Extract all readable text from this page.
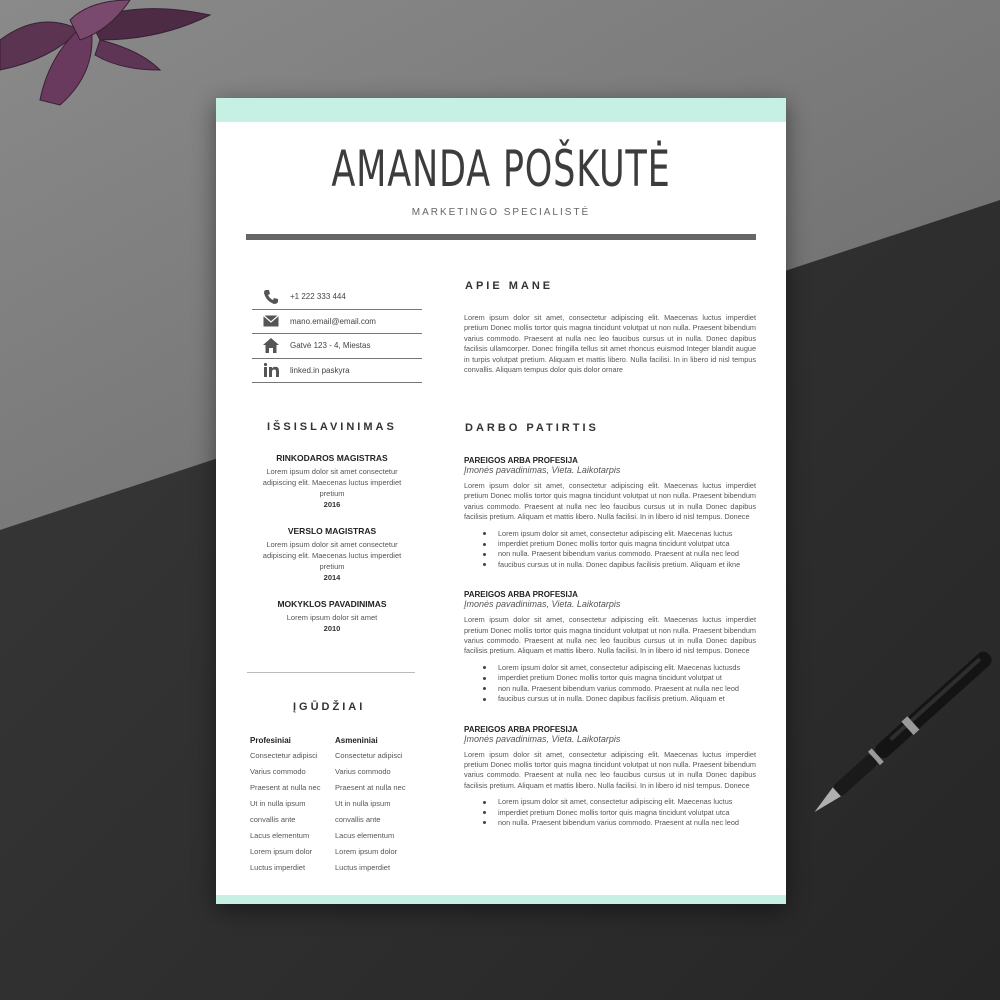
AMANDA POŠKUTĖ
MARKETINGO SPECIALISTĖ
+1 222 333 444
mano.email@email.com
Gatvė 123 - 4, Miestas
linked.in paskyra
IŠSISLAVINIMAS
RINKODAROS MAGISTRAS
Lorem ipsum dolor sit amet consectetur adipiscing elit. Maecenas luctus imperdiet pretium
2016
VERSLO MAGISTRAS
Lorem ipsum dolor sit amet consectetur adipiscing elit. Maecenas luctus imperdiet pretium
2014
MOKYKLOS PAVADINIMAS
Lorem ipsum dolor sit amet
2010
ĮGŪDŽIAI
Profesiniai
Consectetur adipisci
Varius commodo
Praesent at nulla nec
Ut in nulla ipsum
convallis ante
Lacus elementum
Lorem ipsum dolor
Luctus imperdiet
Asmeniniai
Consectetur adipisci
Varius commodo
Praesent at nulla nec
Ut in nulla ipsum
convallis ante
Lacus elementum
Lorem ipsum dolor
Luctus imperdiet
APIE MANE
Lorem ipsum dolor sit amet, consectetur adipiscing elit. Maecenas luctus imperdiet pretium Donec mollis tortor quis magna tincidunt volutpat ut non nulla. Praesent bibendum varius commodo. Praesent at nulla nec leo faucibus cursus ut in nulla. Donec dapibus facilisis ullamcorper. Donec fringilla tellus sit amet rhoncus euismod Integer blandit augue in turpis volutpat pretium. Aliquam et mattis libero. Nulla facilisi. In in libero id nisl tempus convallis. Aliquam tempus dolor quis dolor ornare
DARBO PATIRTIS
PAREIGOS ARBA PROFESIJA
Įmonės pavadinimas, Vieta. Laikotarpis
Lorem ipsum dolor sit amet, consectetur adipiscing elit. Maecenas luctus imperdiet pretium Donec mollis tortor quis magna tincidunt volutpat ut non nulla. Praesent bibendum varius commodo. Praesent at nulla nec leo faucibus cursus ut in nulla Donec dapibus facilisis pretium. Aliquam et mattis libero. Nulla facilisi. In in libero id nisl tempus. Donece
Lorem ipsum dolor sit amet, consectetur adipiscing elit. Maecenas luctus
imperdiet pretium Donec mollis tortor quis magna tincidunt volutpat utca
non nulla. Praesent bibendum varius commodo. Praesent at nulla nec leod
faucibus cursus ut in nulla. Donec dapibus facilisis pretium. Aliquam et ikne
PAREIGOS ARBA PROFESIJA
Įmonės pavadinimas, Vieta. Laikotarpis
Lorem ipsum dolor sit amet, consectetur adipiscing elit. Maecenas luctus imperdiet pretium Donec mollis tortor quis magna tincidunt volutpat ut non nulla. Praesent bibendum varius commodo. Praesent at nulla nec leo faucibus cursus ut in nulla Donec dapibus facilisis pretium. Aliquam et mattis libero. Nulla facilisi. In in libero id nisl tempus. Donece
Lorem ipsum dolor sit amet, consectetur adipiscing elit. Maecenas luctusds
imperdiet pretium Donec mollis tortor quis magna tincidunt volutpat ut
non nulla. Praesent bibendum varius commodo. Praesent at nulla nec leod
faucibus cursus ut in nulla. Donec dapibus facilisis pretium. Aliquam et
PAREIGOS ARBA PROFESIJA
Įmonės pavadinimas, Vieta. Laikotarpis
Lorem ipsum dolor sit amet, consectetur adipiscing elit. Maecenas luctus imperdiet pretium Donec mollis tortor quis magna tincidunt volutpat ut non nulla. Praesent bibendum varius commodo. Praesent at nulla nec leo faucibus cursus ut in nulla Donec dapibus facilisis pretium. Aliquam et mattis libero. Nulla facilisi. In in libero id nisl tempus. Donece
Lorem ipsum dolor sit amet, consectetur adipiscing elit. Maecenas luctus
imperdiet pretium Donec mollis tortor quis magna tincidunt volutpat utca
non nulla. Praesent bibendum varius commodo. Praesent at nulla nec leod
